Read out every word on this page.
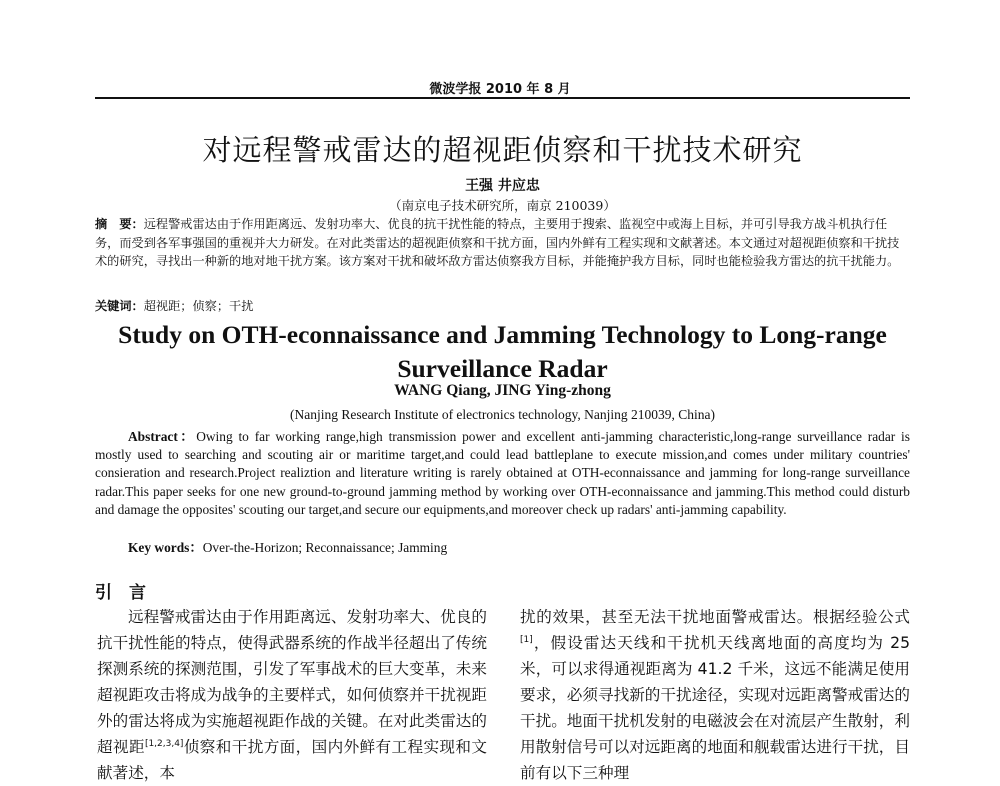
微波学报 2010 年 8 月
对远程警戒雷达的超视距侦察和干扰技术研究
王强 井应忠
（南京电子技术研究所，南京 210039）
摘　要：远程警戒雷达由于作用距离远、发射功率大、优良的抗干扰性能的特点，主要用于搜索、监视空中或海上目标，并可引导我方战斗机执行任务，而受到各军事强国的重视并大力研发。在对此类雷达的超视距侦察和干扰方面，国内外鲜有工程实现和文献著述。本文通过对超视距侦察和干扰技术的研究，寻找出一种新的地对地干扰方案。该方案对干扰和破坏敌方雷达侦察我方目标，并能掩护我方目标，同时也能检验我方雷达的抗干扰能力。
关键词：超视距；侦察；干扰
Study on OTH-econnaissance and Jamming Technology to Long-range Surveillance Radar
WANG Qiang, JING Ying-zhong
(Nanjing Research Institute of electronics technology, Nanjing 210039, China)
Abstract：Owing to far working range,high transmission power and excellent anti-jamming characteristic,long-range surveillance radar is mostly used to searching and scouting air or maritime target,and could lead battleplane to execute mission,and comes under military countries' consieration and research.Project realiztion and literature writing is rarely obtained at OTH-econnaissance and jamming for long-range surveillance radar.This paper seeks for one new ground-to-ground jamming method by working over OTH-econnaissance and jamming.This method could disturb and damage the opposites' scouting our target,and secure our equipments,and moreover check up radars' anti-jamming capability.
Key words：Over-the-Horizon; Reconnaissance; Jamming
引　言
远程警戒雷达由于作用距离远、发射功率大、优良的抗干扰性能的特点，使得武器系统的作战半径超出了传统探测系统的探测范围，引发了军事战术的巨大变革，未来超视距攻击将成为战争的主要样式，如何侦察并干扰视距外的雷达将成为实施超视距作战的关键。在对此类雷达的超视距[1,2,3,4]侦察和干扰方面，国内外鲜有工程实现和文献著述，本
扰的效果，甚至无法干扰地面警戒雷达。根据经验公式[1]，假设雷达天线和干扰机天线离地面的高度均为 25 米，可以求得通视距离为 41.2 千米，这远不能满足使用要求，必须寻找新的干扰途径，实现对远距离警戒雷达的干扰。地面干扰机发射的电磁波会在对流层产生散射，利用散射信号可以对远距离的地面和舰载雷达进行干扰，目前有以下三种理
